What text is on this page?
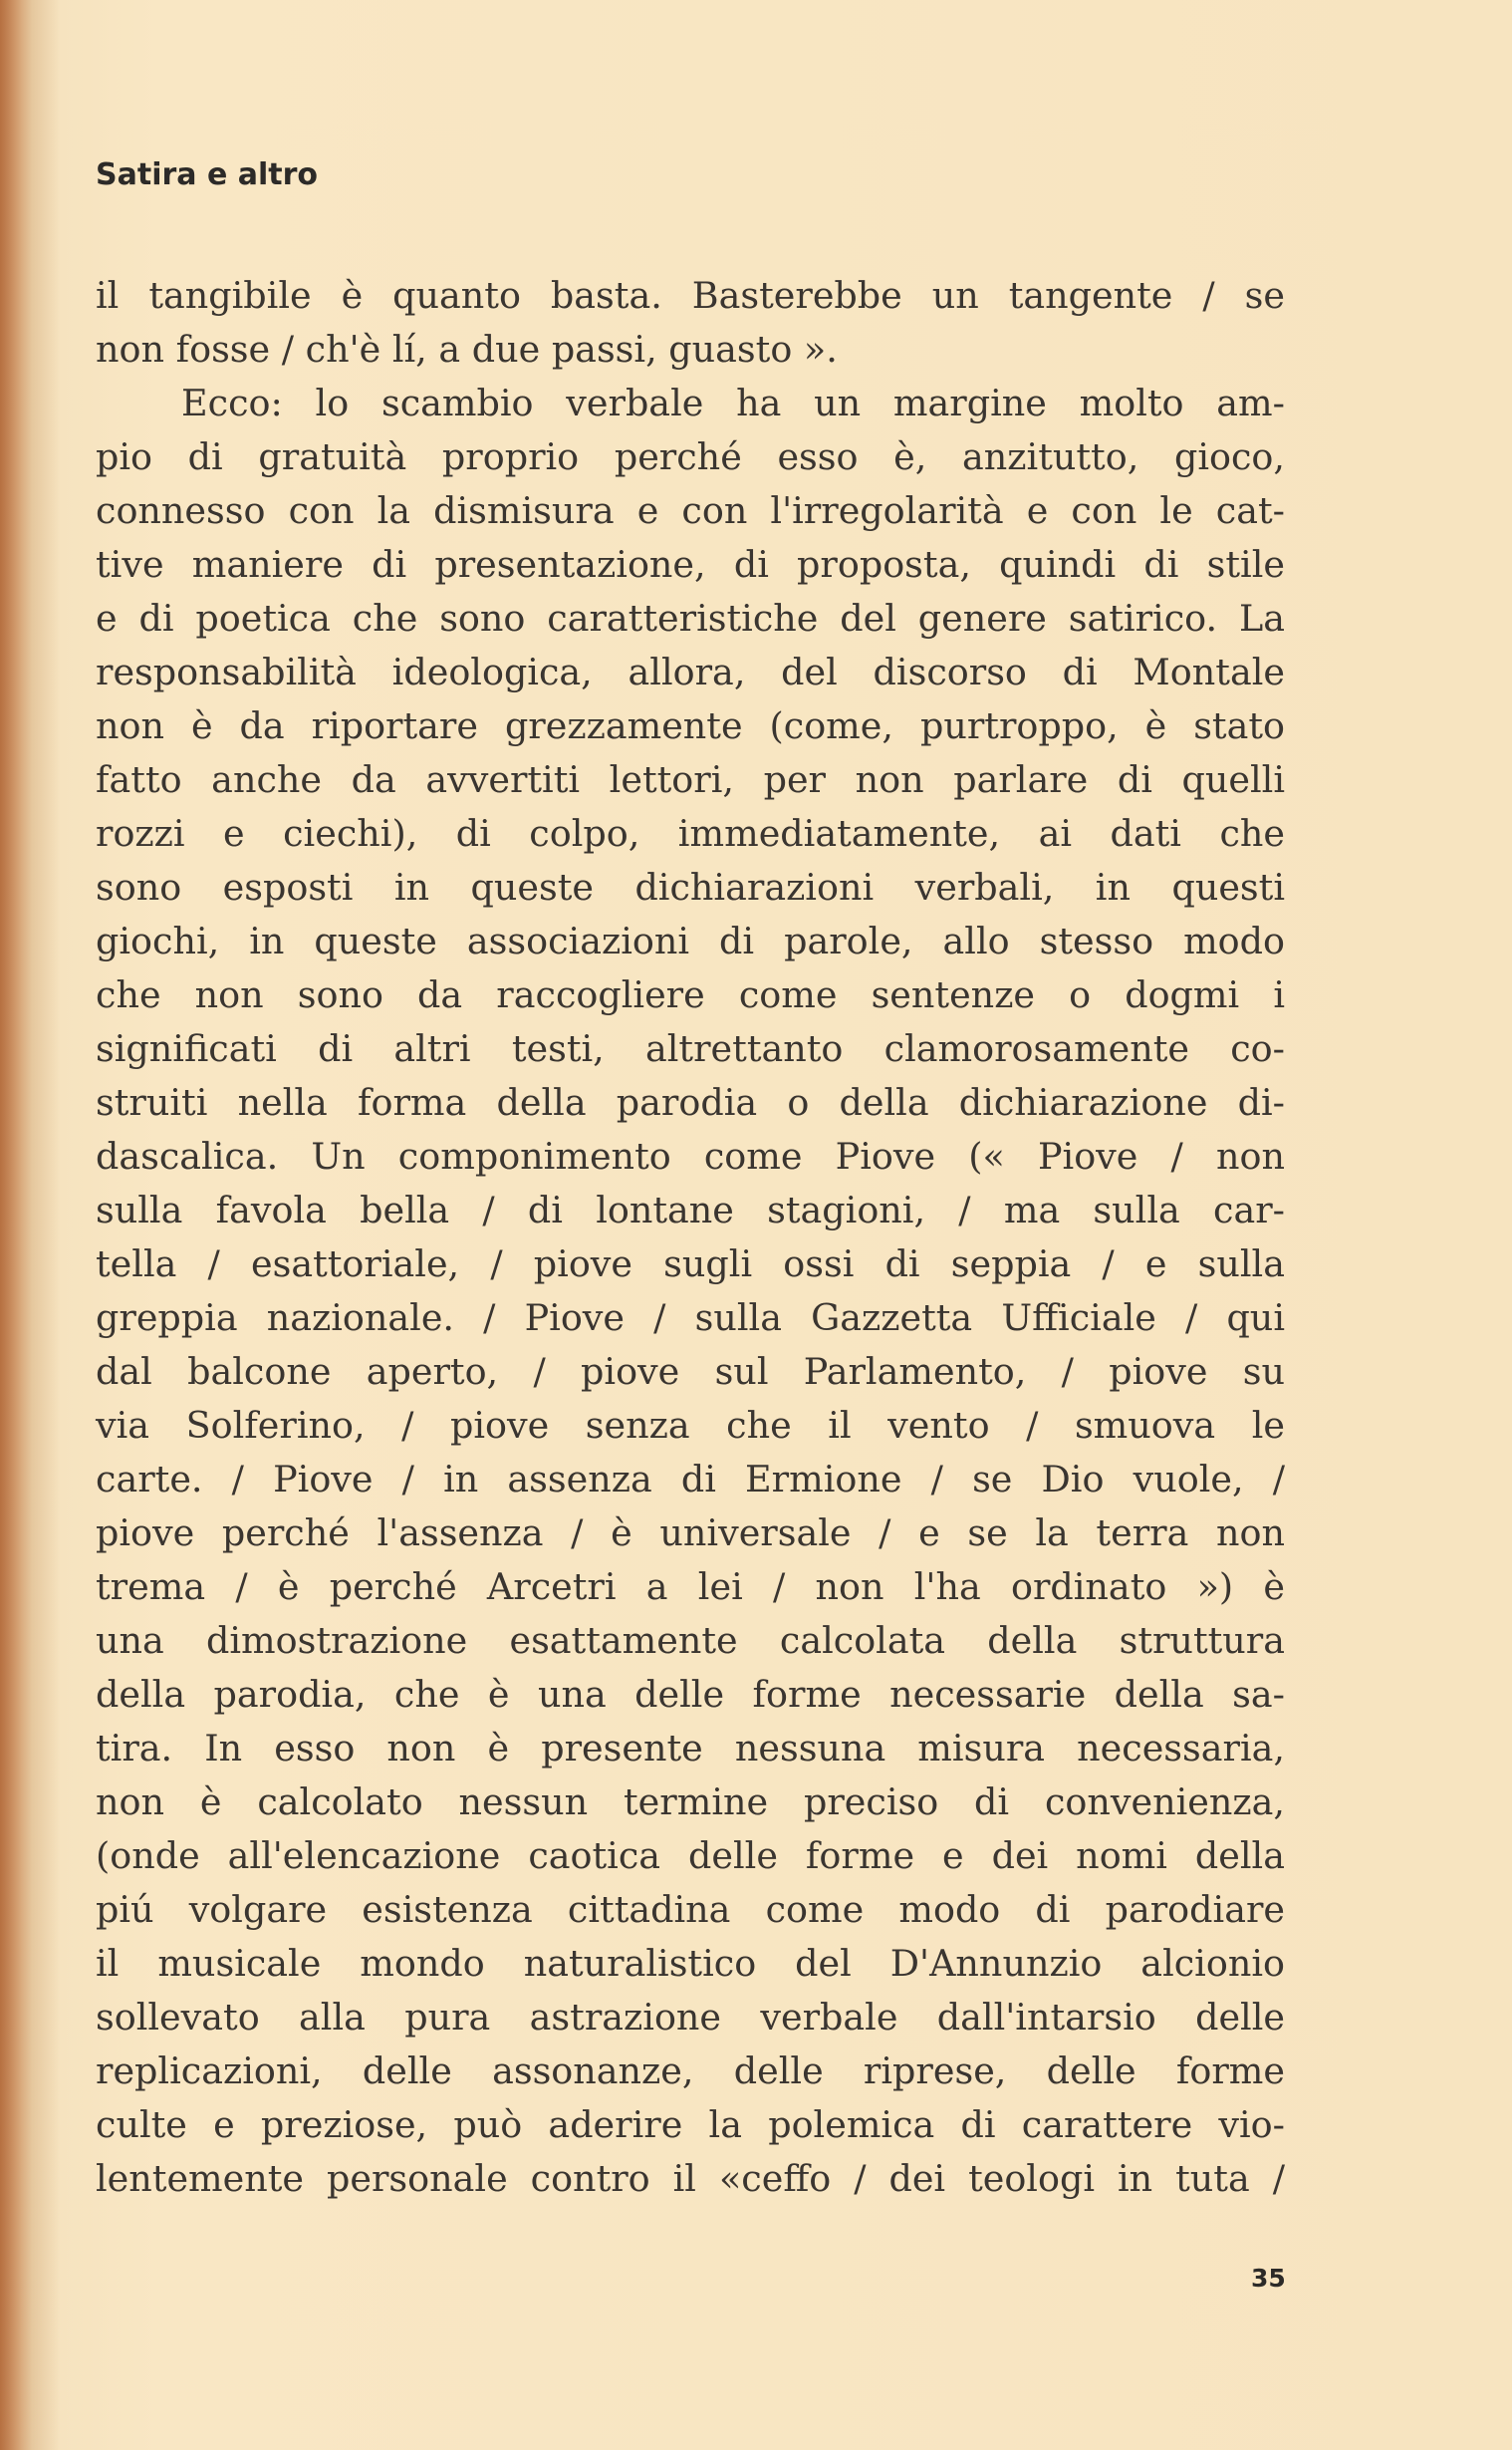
Satira e altro
il tangibile è quanto basta. Basterebbe un tangente / se
non fosse / ch'è lí, a due passi, guasto ».
Ecco: lo scambio verbale ha un margine molto am-
pio di gratuità proprio perché esso è, anzitutto, gioco,
connesso con la dismisura e con l'irregolarità e con le cat-
tive maniere di presentazione, di proposta, quindi di stile
e di poetica che sono caratteristiche del genere satirico. La
responsabilità ideologica, allora, del discorso di Montale
non è da riportare grezzamente (come, purtroppo, è stato
fatto anche da avvertiti lettori, per non parlare di quelli
rozzi e ciechi), di colpo, immediatamente, ai dati che
sono esposti in queste dichiarazioni verbali, in questi
giochi, in queste associazioni di parole, allo stesso modo
che non sono da raccogliere come sentenze o dogmi i
significati di altri testi, altrettanto clamorosamente co-
struiti nella forma della parodia o della dichiarazione di-
dascalica. Un componimento come Piove (« Piove / non
sulla favola bella / di lontane stagioni, / ma sulla car-
tella / esattoriale, / piove sugli ossi di seppia / e sulla
greppia nazionale. / Piove / sulla Gazzetta Ufficiale / qui
dal balcone aperto, / piove sul Parlamento, / piove su
via Solferino, / piove senza che il vento / smuova le
carte. / Piove / in assenza di Ermione / se Dio vuole, /
piove perché l'assenza / è universale / e se la terra non
trema / è perché Arcetri a lei / non l'ha ordinato ») è
una dimostrazione esattamente calcolata della struttura
della parodia, che è una delle forme necessarie della sa-
tira. In esso non è presente nessuna misura necessaria,
non è calcolato nessun termine preciso di convenienza,
(onde all'elencazione caotica delle forme e dei nomi della
piú volgare esistenza cittadina come modo di parodiare
il musicale mondo naturalistico del D'Annunzio alcionio
sollevato alla pura astrazione verbale dall'intarsio delle
replicazioni, delle assonanze, delle riprese, delle forme
culte e preziose, può aderire la polemica di carattere vio-
lentemente personale contro il «ceffo / dei teologi in tuta /
35
